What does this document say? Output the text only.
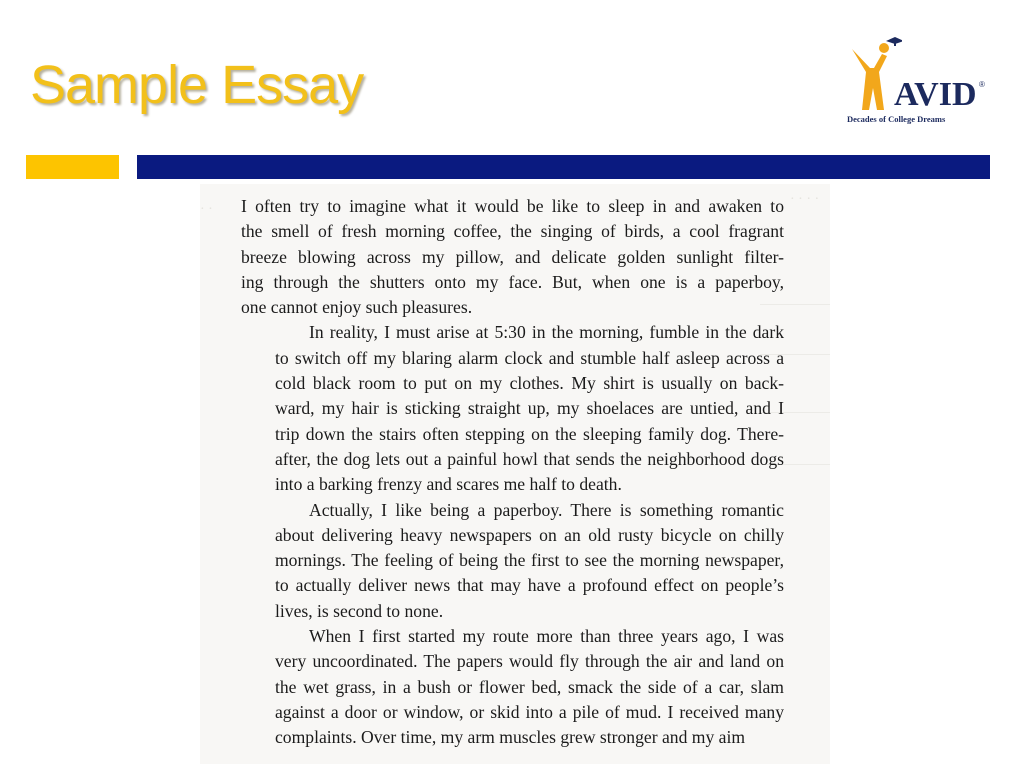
Sample Essay	AVID ®
Decades of College Dreams
· · · ·
· · I often try to imagine what it would be like to sleep in and awaken to
the smell of fresh morning coffee, the singing of birds, a cool fragrant
breeze blowing across my pillow, and delicate golden sunlight filter-
ing through the shutters onto my face. But, when one is a paperboy,
one cannot enjoy such pleasures.

In reality, I must arise at 5:30 in the morning, fumble in the dark
to switch off my blaring alarm clock and stumble half asleep across a
cold black room to put on my clothes. My shirt is usually on back-
ward, my hair is sticking straight up, my shoelaces are untied, and I
trip down the stairs often stepping on the sleeping family dog. There-
after, the dog lets out a painful howl that sends the neighborhood dogs
into a barking frenzy and scares me half to death.

Actually, I like being a paperboy. There is something romantic
about delivering heavy newspapers on an old rusty bicycle on chilly
mornings. The feeling of being the first to see the morning newspaper,
to actually deliver news that may have a profound effect on people’s
lives, is second to none.

When I first started my route more than three years ago, I was
very uncoordinated. The papers would fly through the air and land on
the wet grass, in a bush or flower bed, smack the side of a car, slam
against a door or window, or skid into a pile of mud. I received many
complaints. Over time, my arm muscles grew stronger and my aim
